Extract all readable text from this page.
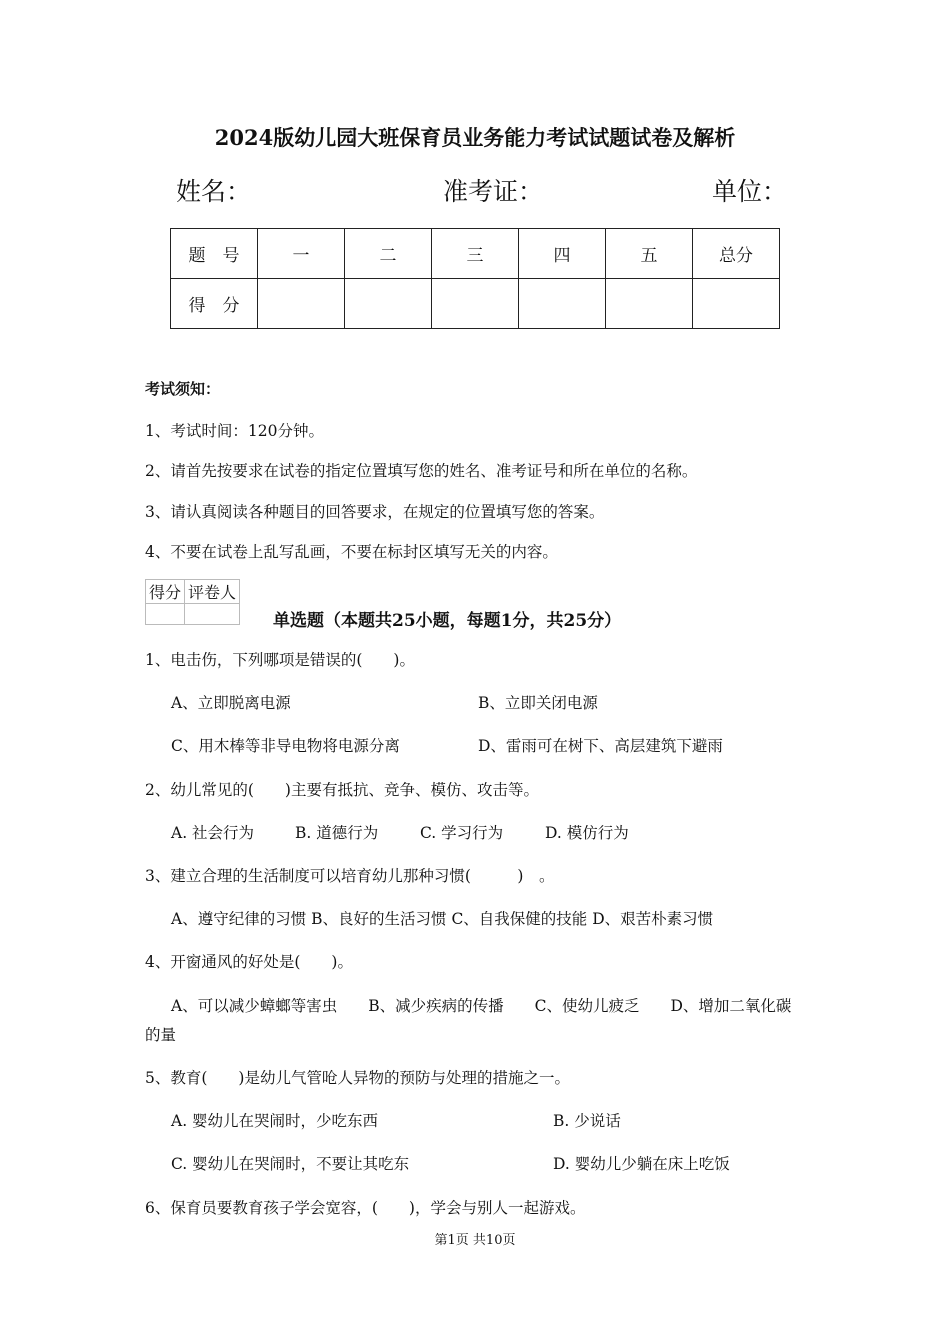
2024版幼儿园大班保育员业务能力考试试题试卷及解析
姓名：	准考证：	单位：
题　号	一	二	三	四	五	总分
得　分						
考试须知：
1、考试时间：120分钟。
2、请首先按要求在试卷的指定位置填写您的姓名、准考证号和所在单位的名称。
3、请认真阅读各种题目的回答要求，在规定的位置填写您的答案。
4、不要在试卷上乱写乱画，不要在标封区填写无关的内容。
得分	评卷人

单选题（本题共25小题，每题1分，共25分）
1、电击伤，下列哪项是错误的(　　)。
A、立即脱离电源	B、立即关闭电源
C、用木棒等非导电物将电源分离	D、雷雨可在树下、高层建筑下避雨
2、幼儿常见的(　　)主要有抵抗、竞争、模仿、攻击等。
A. 社会行为	B. 道德行为	C. 学习行为	D. 模仿行为
3、建立合理的生活制度可以培育幼儿那种习惯(　　　)　。
A、遵守纪律的习惯 B、良好的生活习惯 C、自我保健的技能 D、艰苦朴素习惯
4、开窗通风的好处是(　　)。
A、可以减少蟑螂等害虫　　B、减少疾病的传播　　C、使幼儿疲乏　　D、增加二氧化碳
的量
5、教育(　　)是幼儿气管呛人异物的预防与处理的措施之一。
A. 婴幼儿在哭闹时，少吃东西	B. 少说话
C. 婴幼儿在哭闹时，不要让其吃东	D. 婴幼儿少躺在床上吃饭
6、保育员要教育孩子学会宽容，(　　)，学会与别人一起游戏。
第1页 共10页
